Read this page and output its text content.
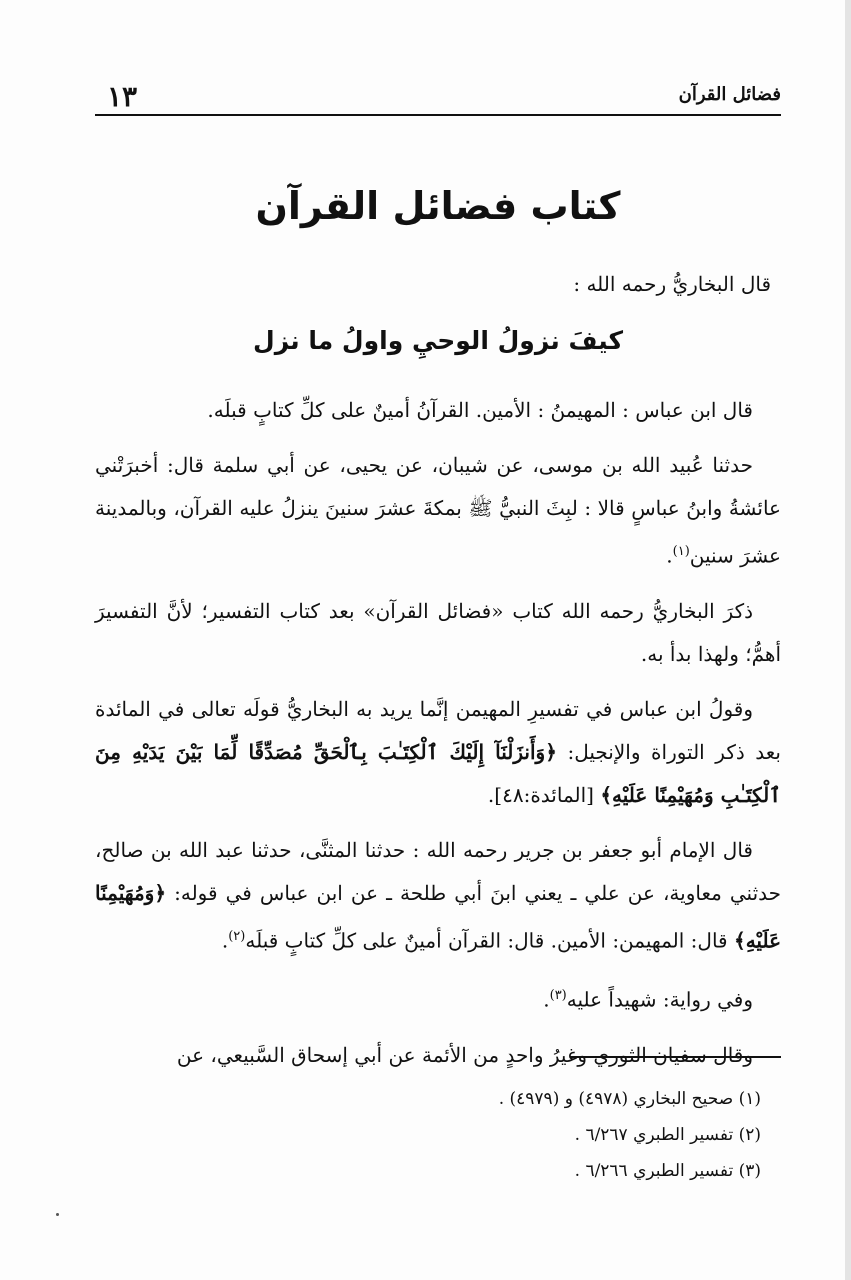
١٣	فضائل القرآن
كتاب فضائل القرآن
قال البخاريُّ رحمه الله :
كيفَ نزولُ الوحيِ واولُ ما نزل

قال ابن عباس : المهيمنُ : الأمين. القرآنُ أمينٌ على كلِّ كتابٍ قبلَه.

حدثنا عُبيد الله بن موسى، عن شيبان، عن يحيى، عن أبي سلمة قال: أخبرَتْني عائشةُ وابنُ عباسٍ قالا : لبِثَ النبيُّ ﷺ بمكةَ عشرَ سنينَ ينزلُ عليه القرآن، وبالمدينة عشرَ سنين$^{(١)}$.

ذكرَ البخاريُّ رحمه الله كتاب «فضائل القرآن» بعد كتاب التفسير؛ لأنَّ التفسيرَ أهمُّ؛ ولهذا بدأ به.

وقولُ ابن عباس في تفسيرِ المهيمن إنَّما يريد به البخاريُّ قولَه تعالى في المائدة بعد ذكر التوراة والإنجيل: ﴿وَأَنزَلْنَآ إِلَيْكَ ٱلْكِتَـٰبَ بِٱلْحَقِّ مُصَدِّقًا لِّمَا بَيْنَ يَدَيْهِ مِنَ ٱلْكِتَـٰبِ وَمُهَيْمِنًا عَلَيْهِ﴾ [المائدة:٤٨].

قال الإمام أبو جعفر بن جرير رحمه الله : حدثنا المثنَّى، حدثنا عبد الله بن صالح، حدثني معاوية، عن علي ـ يعني ابنَ أبي طلحة ـ عن ابن عباس في قوله: ﴿وَمُهَيْمِنًا عَلَيْهِ﴾ قال: المهيمن: الأمين. قال: القرآن أمينٌ على كلِّ كتابٍ قبلَه$^{(٢)}$.

وفي رواية: شهيداً عليه$^{(٣)}$.

وقال سفيان الثوري وغيرُ واحدٍ من الأئمة عن أبي إسحاق السَّبيعي، عن

(١) صحيح البخاري (٤٩٧٨) و (٤٩٧٩) .
(٢) تفسير الطبري ٦/٢٦٧ .
(٣) تفسير الطبري ٦/٢٦٦ .
